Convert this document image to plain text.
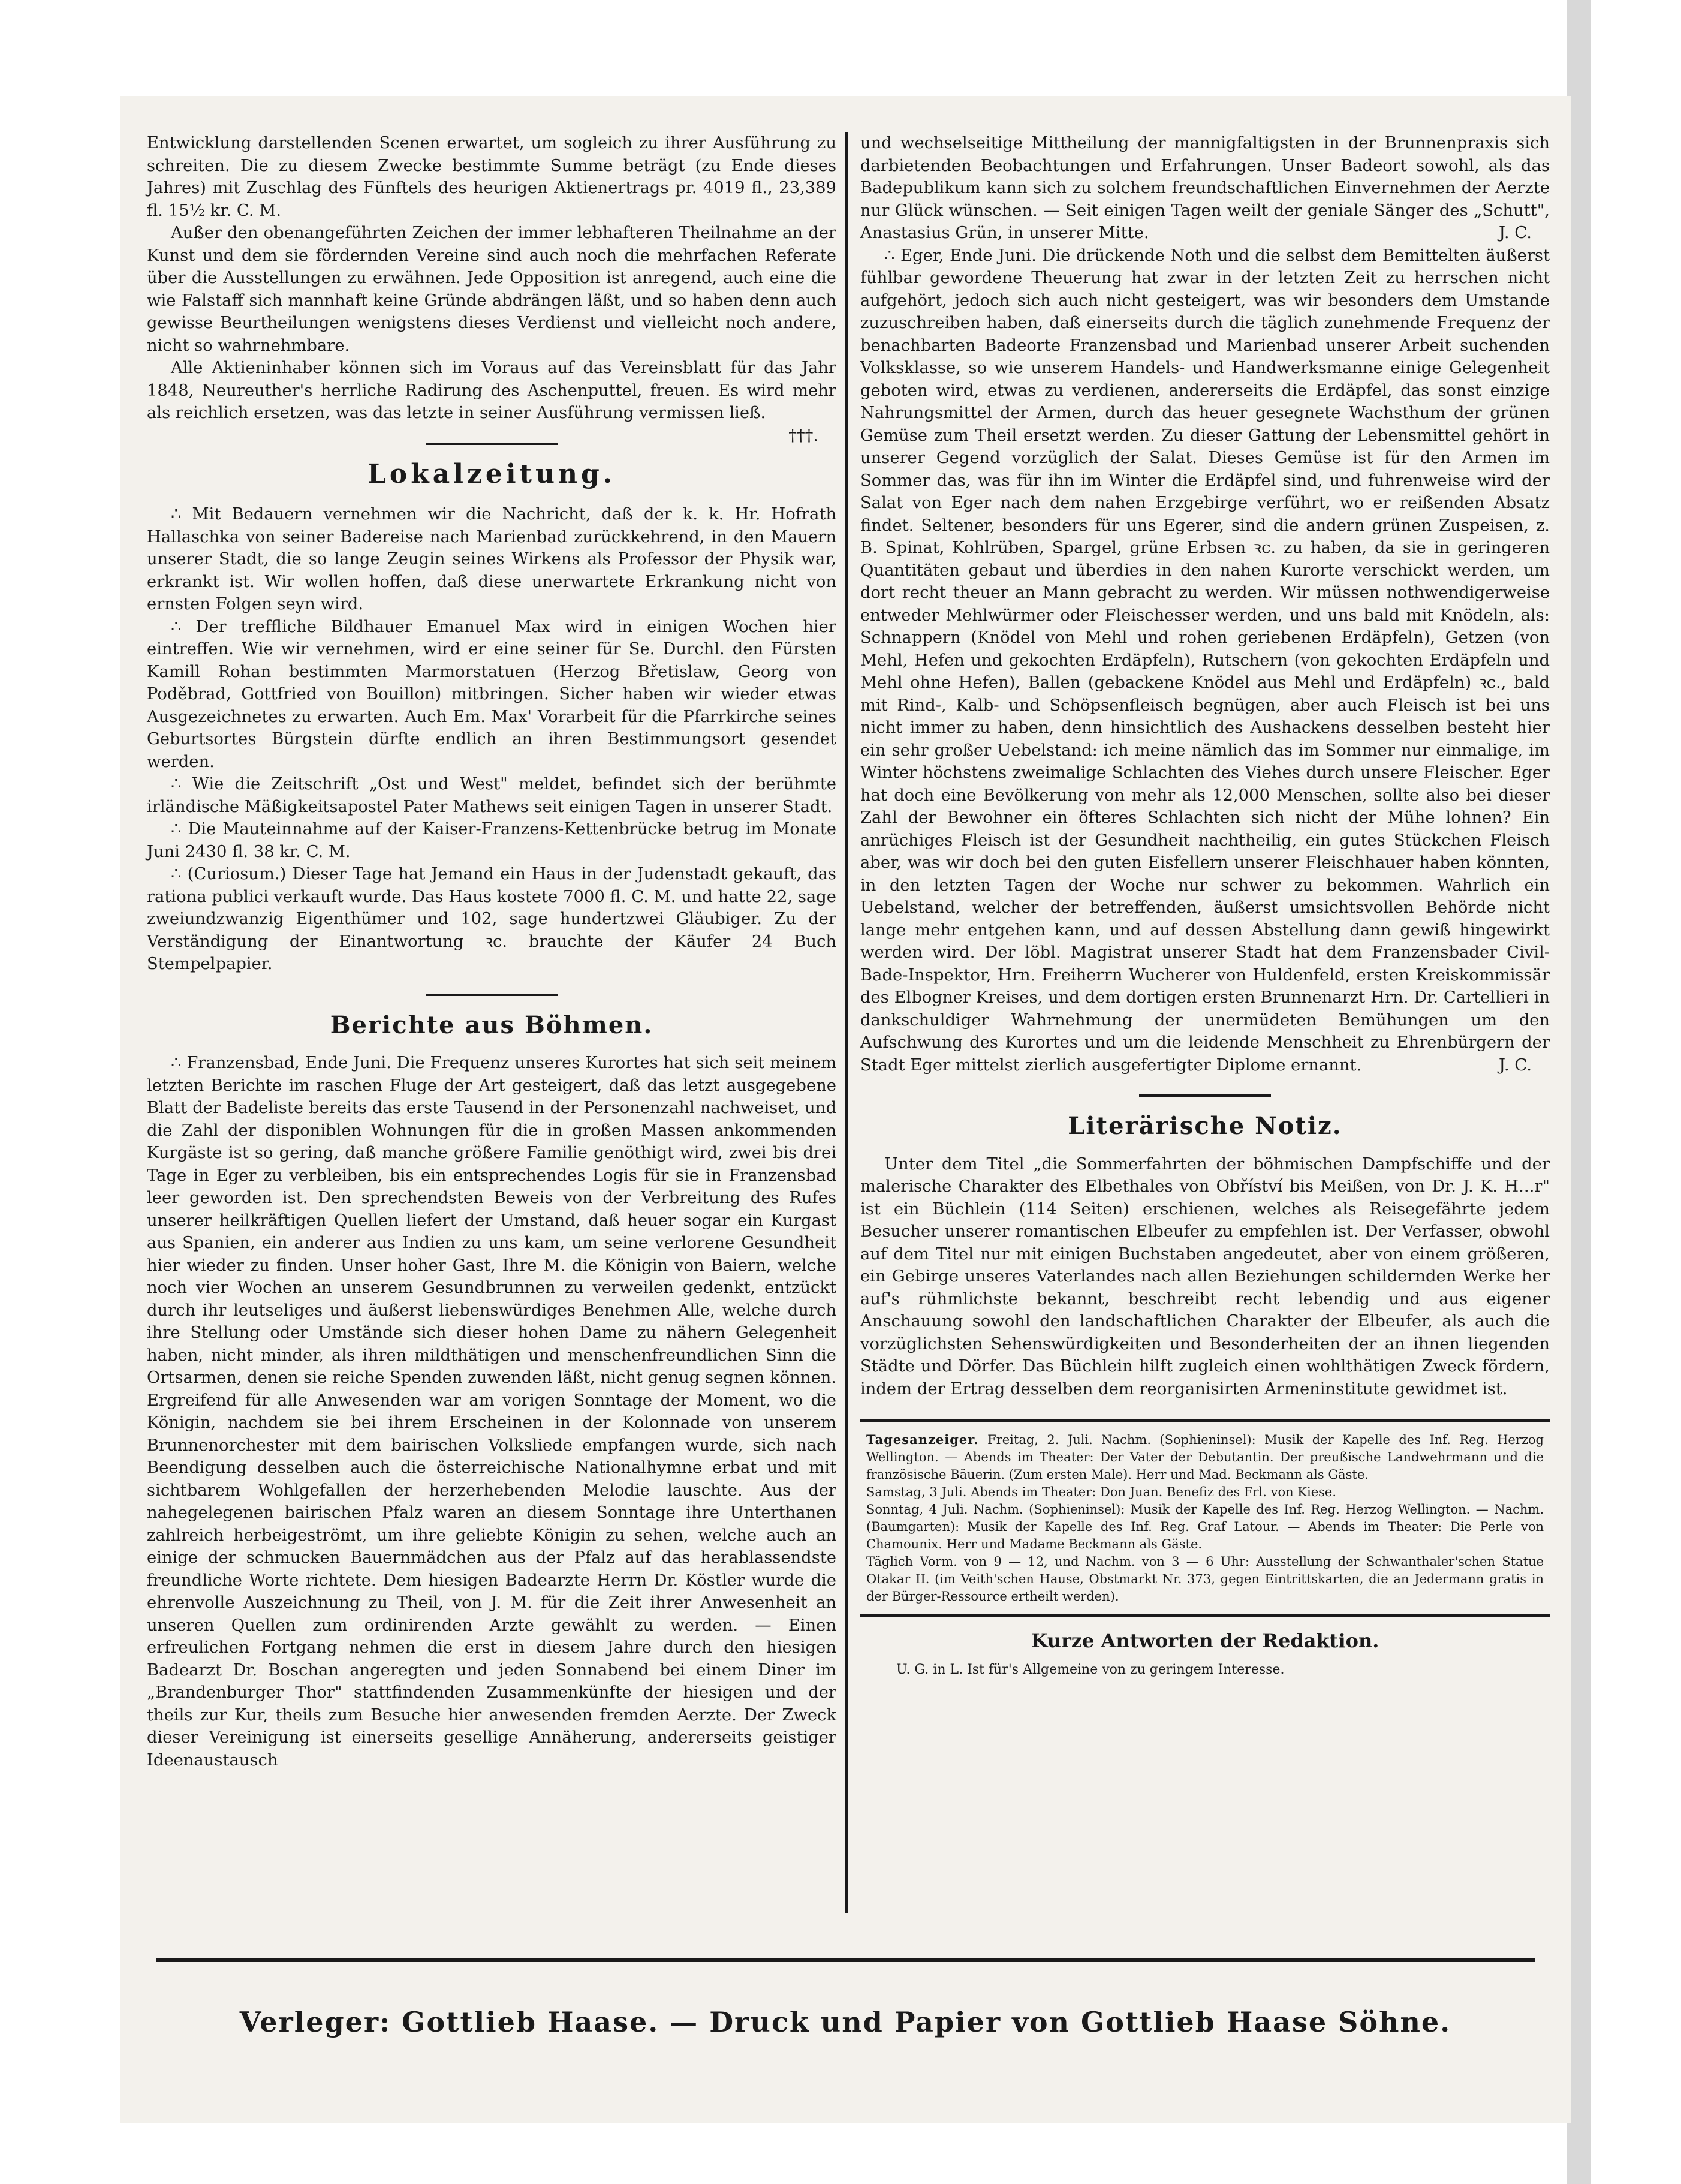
Entwicklung darstellenden Scenen erwartet, um sogleich zu ihrer Ausführung zu schreiten. Die zu diesem Zwecke bestimmte Summe beträgt (zu Ende dieses Jahres) mit Zuschlag des Fünftels des heurigen Aktienertrags pr. 4019 fl., 23,389 fl. 15½ kr. C. M.

Außer den obenangeführten Zeichen der immer lebhafteren Theilnahme an der Kunst und dem sie fördernden Vereine sind auch noch die mehrfachen Referate über die Ausstellungen zu erwähnen. Jede Opposition ist anregend, auch eine die wie Falstaff sich mannhaft keine Gründe abdrängen läßt, und so haben denn auch gewisse Beurtheilungen wenigstens dieses Verdienst und vielleicht noch andere, nicht so wahrnehmbare.

Alle Aktieninhaber können sich im Voraus auf das Vereinsblatt für das Jahr 1848, Neureuther's herrliche Radirung des Aschenputtel, freuen. Es wird mehr als reichlich ersetzen, was das letzte in seiner Ausführung vermissen ließ.
†††.

Lokalzeitung.

∴ Mit Bedauern vernehmen wir die Nachricht, daß der k. k. Hr. Hofrath Hallaschka von seiner Badereise nach Marienbad zurückkehrend, in den Mauern unserer Stadt, die so lange Zeugin seines Wirkens als Professor der Physik war, erkrankt ist. Wir wollen hoffen, daß diese unerwartete Erkrankung nicht von ernsten Folgen seyn wird.

∴ Der treffliche Bildhauer Emanuel Max wird in einigen Wochen hier eintreffen. Wie wir vernehmen, wird er eine seiner für Se. Durchl. den Fürsten Kamill Rohan bestimmten Marmorstatuen (Herzog Břetislaw, Georg von Poděbrad, Gottfried von Bouillon) mitbringen. Sicher haben wir wieder etwas Ausgezeichnetes zu erwarten. Auch Em. Max' Vorarbeit für die Pfarrkirche seines Geburtsortes Bürgstein dürfte endlich an ihren Bestimmungsort gesendet werden.

∴ Wie die Zeitschrift „Ost und West" meldet, befindet sich der berühmte irländische Mäßigkeitsapostel Pater Mathews seit einigen Tagen in unserer Stadt.

∴ Die Mauteinnahme auf der Kaiser-Franzens-Kettenbrücke betrug im Monate Juni 2430 fl. 38 kr. C. M.

∴ (Curiosum.) Dieser Tage hat Jemand ein Haus in der Judenstadt gekauft, das rationa publici verkauft wurde. Das Haus kostete 7000 fl. C. M. und hatte 22, sage zweiundzwanzig Eigenthümer und 102, sage hundertzwei Gläubiger. Zu der Verständigung der Einantwortung ꝛc. brauchte der Käufer 24 Buch Stempelpapier.

Berichte aus Böhmen.

∴ Franzensbad, Ende Juni. Die Frequenz unseres Kurortes hat sich seit meinem letzten Berichte im raschen Fluge der Art gesteigert, daß das letzt ausgegebene Blatt der Badeliste bereits das erste Tausend in der Personenzahl nachweiset, und die Zahl der disponiblen Wohnungen für die in großen Massen ankommenden Kurgäste ist so gering, daß manche größere Familie genöthigt wird, zwei bis drei Tage in Eger zu verbleiben, bis ein entsprechendes Logis für sie in Franzensbad leer geworden ist. Den sprechendsten Beweis von der Verbreitung des Rufes unserer heilkräftigen Quellen liefert der Umstand, daß heuer sogar ein Kurgast aus Spanien, ein anderer aus Indien zu uns kam, um seine verlorene Gesundheit hier wieder zu finden. Unser hoher Gast, Ihre M. die Königin von Baiern, welche noch vier Wochen an unserem Gesundbrunnen zu verweilen gedenkt, entzückt durch ihr leutseliges und äußerst liebenswürdiges Benehmen Alle, welche durch ihre Stellung oder Umstände sich dieser hohen Dame zu nähern Gelegenheit haben, nicht minder, als ihren mildthätigen und menschenfreundlichen Sinn die Ortsarmen, denen sie reiche Spenden zuwenden läßt, nicht genug segnen können. Ergreifend für alle Anwesenden war am vorigen Sonntage der Moment, wo die Königin, nachdem sie bei ihrem Erscheinen in der Kolonnade von unserem Brunnenorchester mit dem bairischen Volksliede empfangen wurde, sich nach Beendigung desselben auch die österreichische Nationalhymne erbat und mit sichtbarem Wohlgefallen der herzerhebenden Melodie lauschte. Aus der nahegelegenen bairischen Pfalz waren an diesem Sonntage ihre Unterthanen zahlreich herbeigeströmt, um ihre geliebte Königin zu sehen, welche auch an einige der schmucken Bauernmädchen aus der Pfalz auf das herablassendste freundliche Worte richtete. Dem hiesigen Badearzte Herrn Dr. Köstler wurde die ehrenvolle Auszeichnung zu Theil, von J. M. für die Zeit ihrer Anwesenheit an unseren Quellen zum ordinirenden Arzte gewählt zu werden. — Einen erfreulichen Fortgang nehmen die erst in diesem Jahre durch den hiesigen Badearzt Dr. Boschan angeregten und jeden Sonnabend bei einem Diner im „Brandenburger Thor" stattfindenden Zusammenkünfte der hiesigen und der theils zur Kur, theils zum Besuche hier anwesenden fremden Aerzte. Der Zweck dieser Vereinigung ist einerseits gesellige Annäherung, andererseits geistiger Ideenaustausch

und wechselseitige Mittheilung der mannigfaltigsten in der Brunnenpraxis sich darbietenden Beobachtungen und Erfahrungen. Unser Badeort sowohl, als das Badepublikum kann sich zu solchem freundschaftlichen Einvernehmen der Aerzte nur Glück wünschen. — Seit einigen Tagen weilt der geniale Sänger des „Schutt", Anastasius Grün, in unserer Mitte.	J. C.

∴ Eger, Ende Juni. Die drückende Noth und die selbst dem Bemittelten äußerst fühlbar gewordene Theuerung hat zwar in der letzten Zeit zu herrschen nicht aufgehört, jedoch sich auch nicht gesteigert, was wir besonders dem Umstande zuzuschreiben haben, daß einerseits durch die täglich zunehmende Frequenz der benachbarten Badeorte Franzensbad und Marienbad unserer Arbeit suchenden Volksklasse, so wie unserem Handels- und Handwerksmanne einige Gelegenheit geboten wird, etwas zu verdienen, andererseits die Erdäpfel, das sonst einzige Nahrungsmittel der Armen, durch das heuer gesegnete Wachsthum der grünen Gemüse zum Theil ersetzt werden. Zu dieser Gattung der Lebensmittel gehört in unserer Gegend vorzüglich der Salat. Dieses Gemüse ist für den Armen im Sommer das, was für ihn im Winter die Erdäpfel sind, und fuhrenweise wird der Salat von Eger nach dem nahen Erzgebirge verführt, wo er reißenden Absatz findet. Seltener, besonders für uns Egerer, sind die andern grünen Zuspeisen, z. B. Spinat, Kohlrüben, Spargel, grüne Erbsen ꝛc. zu haben, da sie in geringeren Quantitäten gebaut und überdies in den nahen Kurorte verschickt werden, um dort recht theuer an Mann gebracht zu werden. Wir müssen nothwendigerweise entweder Mehlwürmer oder Fleischesser werden, und uns bald mit Knödeln, als: Schnappern (Knödel von Mehl und rohen geriebenen Erdäpfeln), Getzen (von Mehl, Hefen und gekochten Erdäpfeln), Rutschern (von gekochten Erdäpfeln und Mehl ohne Hefen), Ballen (gebackene Knödel aus Mehl und Erdäpfeln) ꝛc., bald mit Rind-, Kalb- und Schöpsenfleisch begnügen, aber auch Fleisch ist bei uns nicht immer zu haben, denn hinsichtlich des Aushackens desselben besteht hier ein sehr großer Uebelstand: ich meine nämlich das im Sommer nur einmalige, im Winter höchstens zweimalige Schlachten des Viehes durch unsere Fleischer. Eger hat doch eine Bevölkerung von mehr als 12,000 Menschen, sollte also bei dieser Zahl der Bewohner ein öfteres Schlachten sich nicht der Mühe lohnen? Ein anrüchiges Fleisch ist der Gesundheit nachtheilig, ein gutes Stückchen Fleisch aber, was wir doch bei den guten Eisfellern unserer Fleischhauer haben könnten, in den letzten Tagen der Woche nur schwer zu bekommen. Wahrlich ein Uebelstand, welcher der betreffenden, äußerst umsichtsvollen Behörde nicht lange mehr entgehen kann, und auf dessen Abstellung dann gewiß hingewirkt werden wird. Der löbl. Magistrat unserer Stadt hat dem Franzensbader Civil-Bade-Inspektor, Hrn. Freiherrn Wucherer von Huldenfeld, ersten Kreiskommissär des Elbogner Kreises, und dem dortigen ersten Brunnenarzt Hrn. Dr. Cartellieri in dankschuldiger Wahrnehmung der unermüdeten Bemühungen um den Aufschwung des Kurortes und um die leidende Menschheit zu Ehrenbürgern der Stadt Eger mittelst zierlich ausgefertigter Diplome ernannt.	J. C.

Literärische Notiz.

Unter dem Titel „die Sommerfahrten der böhmischen Dampfschiffe und der malerische Charakter des Elbethales von Obříství bis Meißen, von Dr. J. K. H...r" ist ein Büchlein (114 Seiten) erschienen, welches als Reisegefährte jedem Besucher unserer romantischen Elbeufer zu empfehlen ist. Der Verfasser, obwohl auf dem Titel nur mit einigen Buchstaben angedeutet, aber von einem größeren, ein Gebirge unseres Vaterlandes nach allen Beziehungen schildernden Werke her auf's rühmlichste bekannt, beschreibt recht lebendig und aus eigener Anschauung sowohl den landschaftlichen Charakter der Elbeufer, als auch die vorzüglichsten Sehenswürdigkeiten und Besonderheiten der an ihnen liegenden Städte und Dörfer. Das Büchlein hilft zugleich einen wohlthätigen Zweck fördern, indem der Ertrag desselben dem reorganisirten Armeninstitute gewidmet ist.

Tagesanzeiger. Freitag, 2. Juli. Nachm. (Sophieninsel): Musik der Kapelle des Inf. Reg. Herzog Wellington. — Abends im Theater: Der Vater der Debutantin. Der preußische Landwehrmann und die französische Bäuerin. (Zum ersten Male). Herr und Mad. Beckmann als Gäste.
Samstag, 3 Juli. Abends im Theater: Don Juan. Benefiz des Frl. von Kiese.
Sonntag, 4 Juli. Nachm. (Sophieninsel): Musik der Kapelle des Inf. Reg. Herzog Wellington. — Nachm. (Baumgarten): Musik der Kapelle des Inf. Reg. Graf Latour. — Abends im Theater: Die Perle von Chamounix. Herr und Madame Beckmann als Gäste.
Täglich Vorm. von 9 — 12, und Nachm. von 3 — 6 Uhr: Ausstellung der Schwanthaler'schen Statue Otakar II. (im Veith'schen Hause, Obstmarkt Nr. 373, gegen Eintrittskarten, die an Jedermann gratis in der Bürger-Ressource ertheilt werden).
Kurze Antworten der Redaktion.
U. G. in L. Ist für's Allgemeine von zu geringem Interesse.
Verleger: Gottlieb Haase. — Druck und Papier von Gottlieb Haase Söhne.
